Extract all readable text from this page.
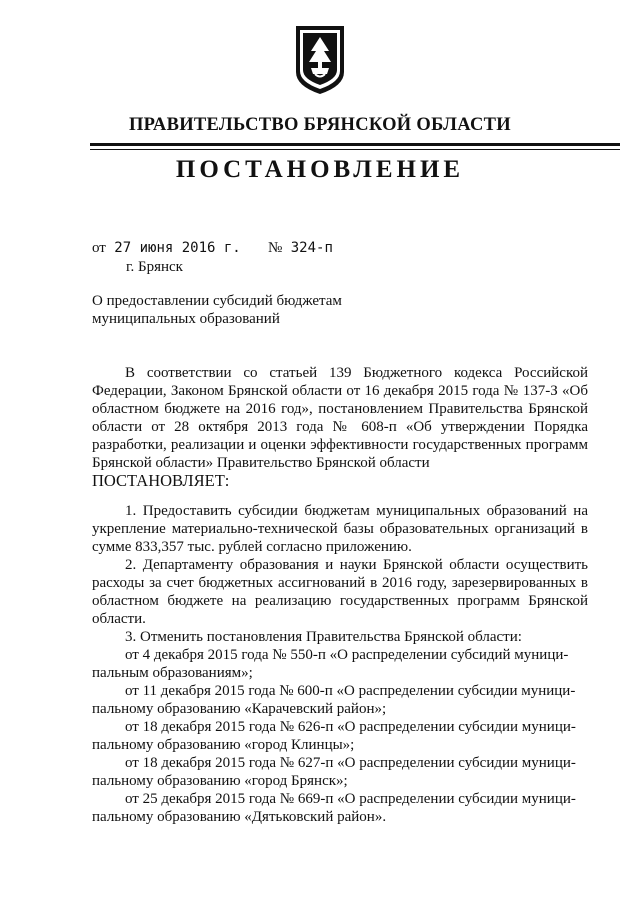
ПРАВИТЕЛЬСТВО БРЯНСКОЙ ОБЛАСТИ
ПОСТАНОВЛЕНИЕ
от 27 июня 2016 г. № 324-п
г. Брянск
О предоставлении субсидий бюджетам
муниципальных образований

В соответствии со статьей 139 Бюджетного кодекса Российской Федерации, Законом Брянской области от 16 декабря 2015 года № 137-З «Об областном бюджете на 2016 год», постановлением Правительства Брянской области от 28 октября 2013 года № 608-п «Об утверждении Порядка разработки, реализации и оценки эффективности государственных программ Брянской области» Правительство Брянской области

ПОСТАНОВЛЯЕТ:

1. Предоставить субсидии бюджетам муниципальных образований на укрепление материально-технической базы образовательных организаций в сумме 833,357 тыс. рублей согласно приложению.

2. Департаменту образования и науки Брянской области осуществить расходы за счет бюджетных ассигнований в 2016 году, зарезервированных в областном бюджете на реализацию государственных программ Брянской области.

3. Отменить постановления Правительства Брянской области:

от 4 декабря 2015 года № 550-п «О распределении субсидий муници-
пальным образованиям»;
от 11 декабря 2015 года № 600-п «О распределении субсидии муници-
пальному образованию «Карачевский район»;
от 18 декабря 2015 года № 626-п «О распределении субсидии муници-
пальному образованию «город Клинцы»;
от 18 декабря 2015 года № 627-п «О распределении субсидии муници-
пальному образованию «город Брянск»;
от 25 декабря 2015 года № 669-п «О распределении субсидии муници-
пальному образованию «Дятьковский район».
